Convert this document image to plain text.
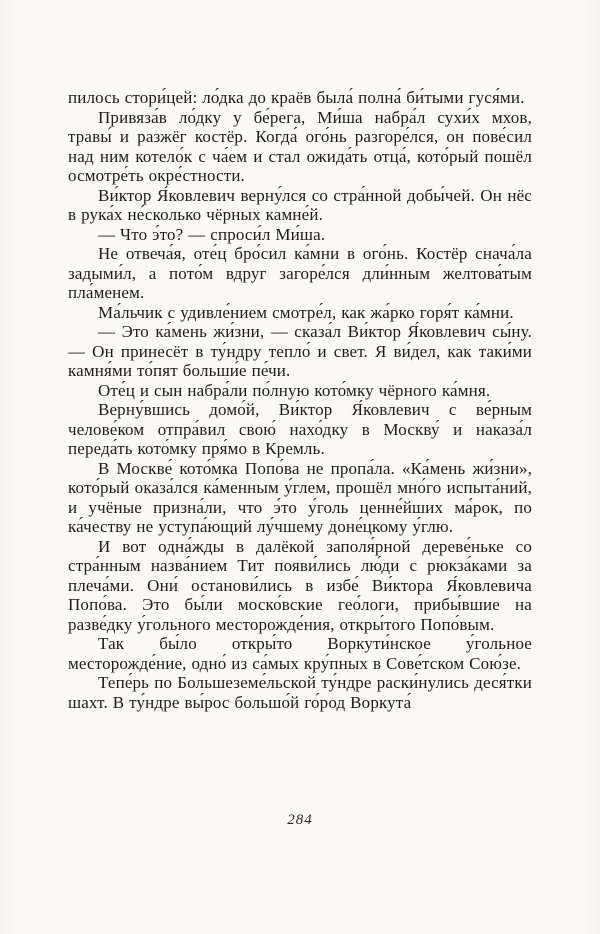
пилось стори́цей: ло́дка до краёв была́ полна́ би́тыми гуся́ми.

Привяза́в ло́дку у бе́рега, Ми́ша набра́л сухи́х мхов, травы́ и разжёг костёр. Когда́ ого́нь разгоре́лся, он пове́сил над ним котело́к с ча́ем и стал ожида́ть отца́, кото́рый пошёл осмотре́ть окре́стности.

Ви́ктор Я́ковлевич верну́лся со стра́нной добы́чей. Он нёс в рука́х не́сколько чёрных камне́й.

— Что э́то? — спроси́л Ми́ша.

Не отвеча́я, оте́ц бро́сил ка́мни в ого́нь. Костёр снача́ла задыми́л, а пото́м вдруг загоре́лся дли́нным желтова́тым пла́менем.

Ма́льчик с удивле́нием смотре́л, как жа́рко горя́т ка́мни.

— Это ка́мень жи́зни, — сказа́л Ви́ктор Я́ковлевич сы́ну. — Он принесёт в ту́ндру тепло́ и свет. Я ви́дел, как таки́ми камня́ми то́пят больши́е пе́чи.

Оте́ц и сын набра́ли по́лную кото́мку чёрного ка́мня.

Верну́вшись домо́й, Ви́ктор Я́ковлевич с ве́рным челове́ком отпра́вил свою́ нахо́дку в Москву́ и наказа́л переда́ть кото́мку пря́мо в Кремль.

В Москве́ кото́мка Попо́ва не пропа́ла. «Ка́мень жи́зни», кото́рый оказа́лся ка́менным у́глем, прошёл мно́го испыта́ний, и учёные призна́ли, что э́то у́голь ценне́йших ма́рок, по ка́честву не уступа́ющий лу́чшему доне́цкому у́глю.

И вот одна́жды в далёкой заполя́рной дереве́ньке со стра́нным назва́нием Тит появи́лись лю́ди с рюкза́ками за плеча́ми. Они́ останови́лись в избе́ Ви́ктора Я́ковлевича Попо́ва. Это бы́ли моско́вские гео́логи, прибы́вшие на разве́дку у́гольного месторожде́ния, откры́того Попо́вым.

Так бы́ло откры́то Воркути́нское у́гольное месторожде́ние, одно́ из са́мых кру́пных в Сове́тском Сою́зе.

Тепе́рь по Большеземе́льской ту́ндре раски́нулись деся́тки шахт. В ту́ндре вы́рос большо́й го́род Воркута́

284
